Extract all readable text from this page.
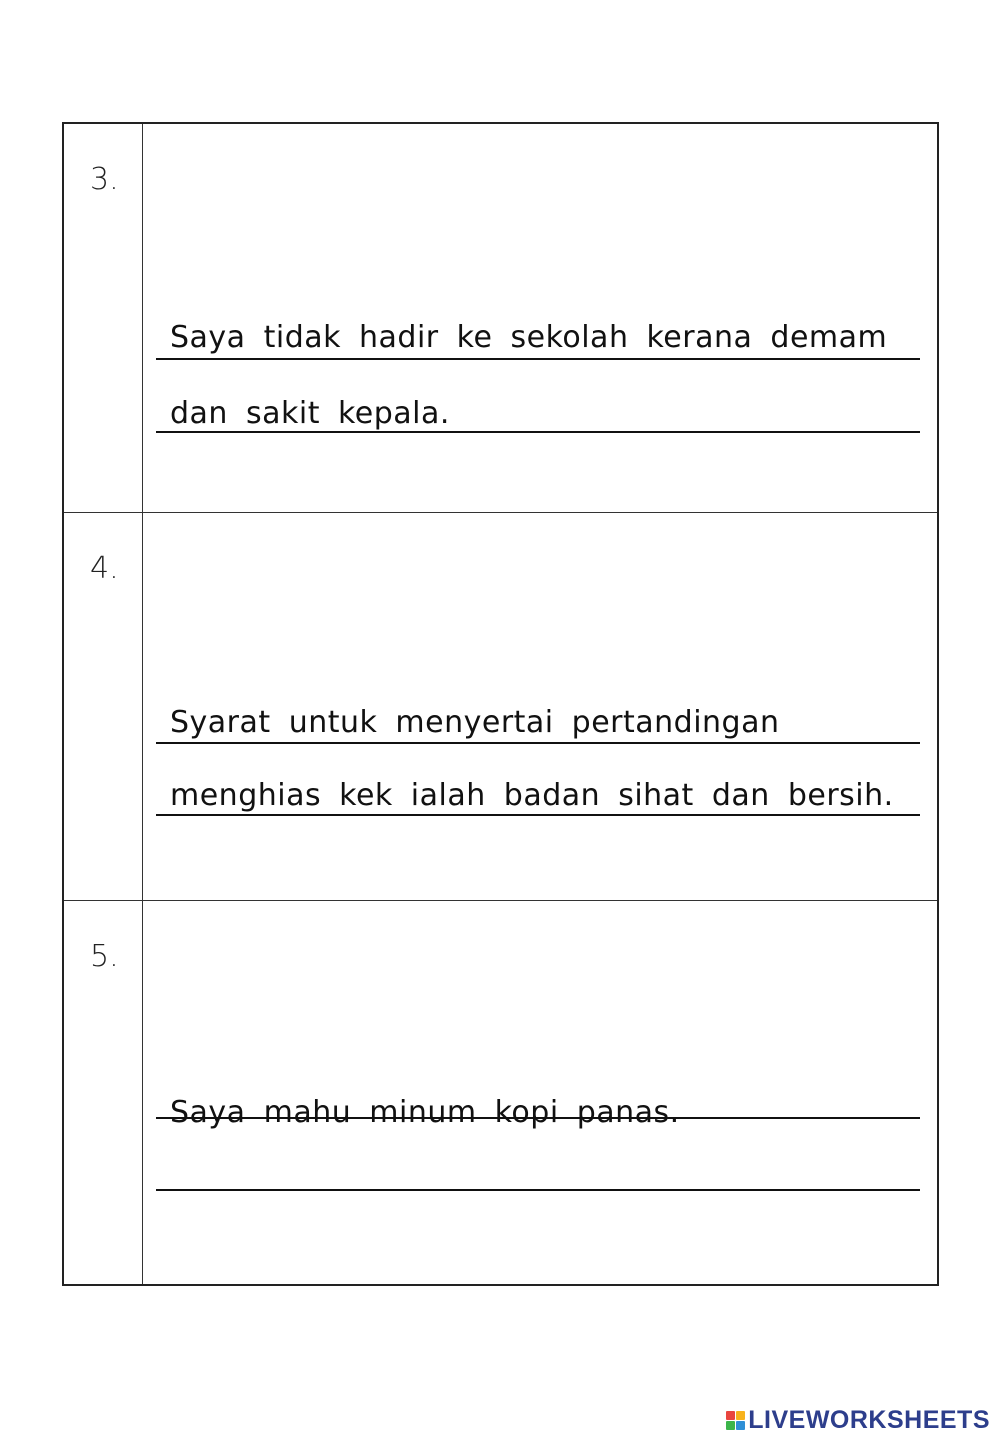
3.
Saya tidak hadir ke sekolah kerana demam
dan sakit kepala.
4.
Syarat untuk menyertai pertandingan
menghias kek ialah badan sihat dan bersih.
5.
Saya mahu minum kopi panas.
LIVEWORKSHEETS
